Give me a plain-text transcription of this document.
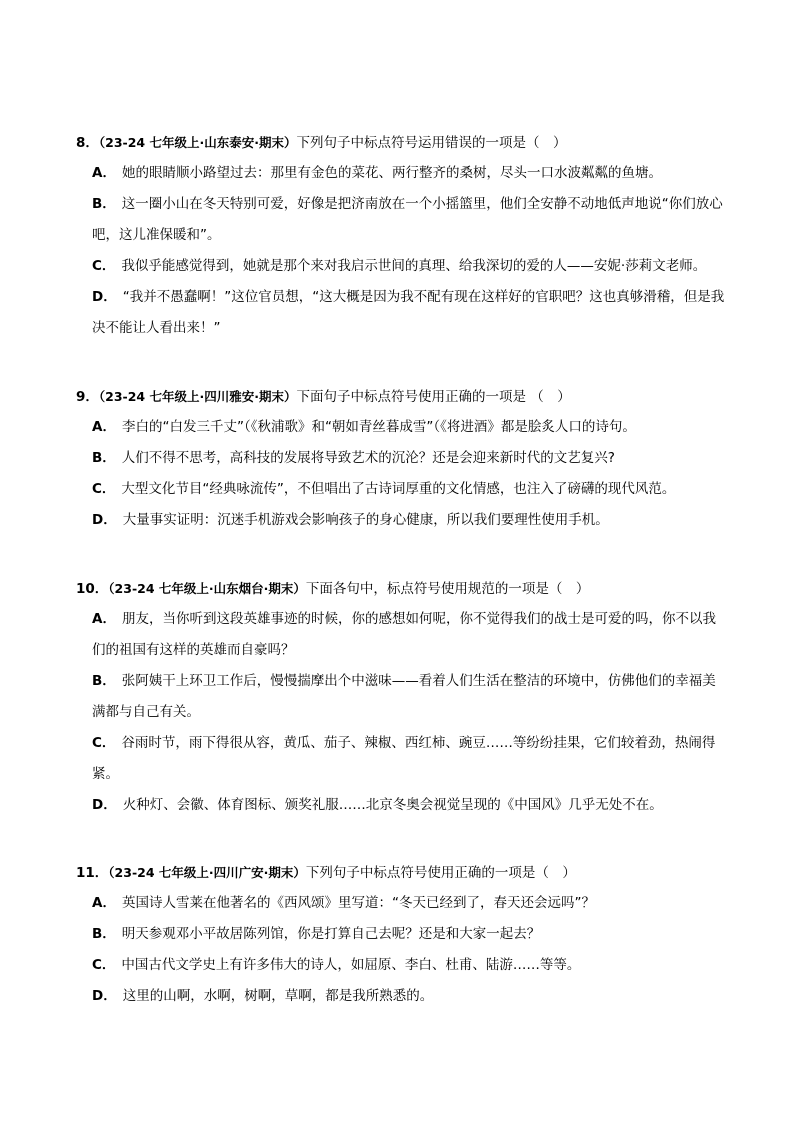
8．（23-24 七年级上·山东泰安·期末）下列句子中标点符号运用错误的一项是（　）
A． 她的眼睛顺小路望过去：那里有金色的菜花、两行整齐的桑树，尽头一口水波粼粼的鱼塘。
B． 这一圈小山在冬天特别可爱，好像是把济南放在一个小摇篮里，他们全安静不动地低声地说“你们放心吧，这儿准保暖和”。
C． 我似乎能感觉得到，她就是那个来对我启示世间的真理、给我深切的爱的人——安妮·莎莉文老师。
D． “我并不愚蠢啊！”这位官员想，“这大概是因为我不配有现在这样好的官职吧？这也真够滑稽，但是我决不能让人看出来！”
9．（23-24 七年级上·四川雅安·期末）下面句子中标点符号使用正确的一项是 （　）
A． 李白的“白发三千丈”（《秋浦歌》和“朝如青丝暮成雪”（《将进酒》都是脍炙人口的诗句。
B． 人们不得不思考，高科技的发展将导致艺术的沉沦？还是会迎来新时代的文艺复兴?
C． 大型文化节目“经典咏流传”，不但唱出了古诗词厚重的文化情感，也注入了磅礴的现代风范。
D． 大量事实证明：沉迷手机游戏会影响孩子的身心健康，所以我们要理性使用手机。
10．（23-24 七年级上·山东烟台·期末）下面各句中，标点符号使用规范的一项是（　）
A． 朋友，当你听到这段英雄事迹的时候，你的感想如何呢，你不觉得我们的战士是可爱的吗，你不以我们的祖国有这样的英雄而自豪吗？
B． 张阿姨干上环卫工作后，慢慢揣摩出个中滋味——看着人们生活在整洁的环境中，仿佛他们的幸福美满都与自己有关。
C． 谷雨时节，雨下得很从容，黄瓜、茄子、辣椒、西红柿、豌豆……等纷纷挂果，它们较着劲，热闹得紧。
D． 火种灯、会徽、体育图标、颁奖礼服……北京冬奥会视觉呈现的《中国风》几乎无处不在。
11．（23-24 七年级上·四川广安·期末）下列句子中标点符号使用正确的一项是（　）
A． 英国诗人雪莱在他著名的《西风颂》里写道：“冬天已经到了，春天还会远吗”？
B． 明天参观邓小平故居陈列馆，你是打算自己去呢？还是和大家一起去？
C． 中国古代文学史上有许多伟大的诗人，如屈原、李白、杜甫、陆游……等等。
D． 这里的山啊，水啊，树啊，草啊，都是我所熟悉的。
